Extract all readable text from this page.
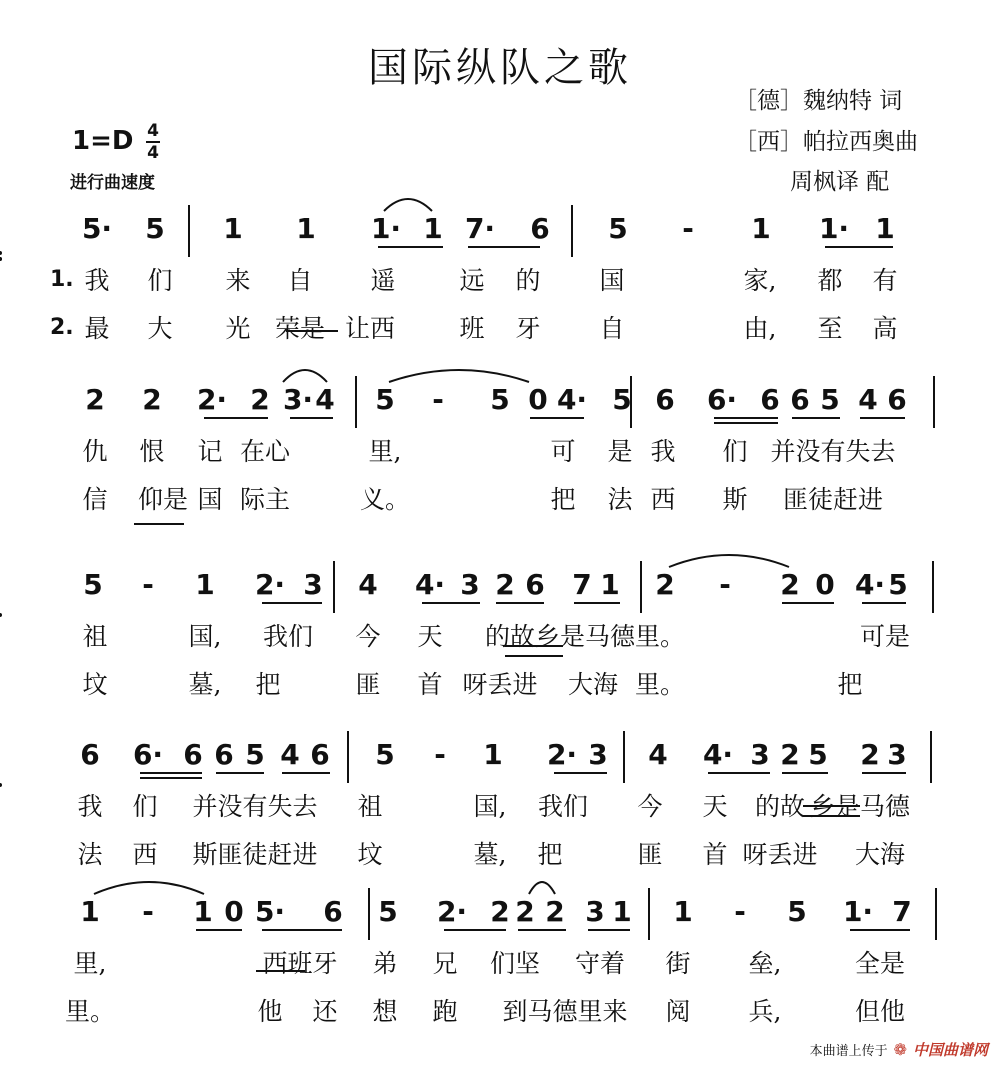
国际纵队之歌
［德］魏纳特 词
［西］帕拉西奥曲
周枫译 配
1=D 4
4
进行曲速度
5· 5 1 1 1· 1 7· 6 5 - 1 1· 1
我 们 来 自 遥	远 的 国	家, 都 有
最 大 光 荣是 让西	班 牙 自	由, 至 高
1.
2.
2 2 2· 2 3· 4 5 - 5 0 4· 5 6 6· 6 6 5 4 6
仇 恨 记 在心	里,	可 是 我 们 并没有失去
信 仰是 国 际主	义。	把 法 西 斯 匪徒赶进
5 - 1 2· 3 4 4· 3 2 6 7 1 2 - 2 0 4· 5
祖	国, 我们 今 天 的故 乡是马德 里。	可是
坟	墓, 把	匪 首 呀丢进 大海 里。	把
6 6· 6 6 5 4 6 5 - 1 2· 3 4 4· 3 2 5 2 3
我 们 并没有失去 祖	国, 我们 今 天 的故 乡是马德
法 西 斯匪徒赶进 坟	墓, 把	匪 首 呀丢进 大海
1 - 1 0 5· 6 5 2· 2 2 2 3 1 1 - 5 1· 7
里,	西班牙 弟 兄 们坚 守着 街 垒,	全是
里。	他 还 想 跑 到马德里来 阅 兵,	但他
本曲谱上传于 ❁ 中国曲谱网
